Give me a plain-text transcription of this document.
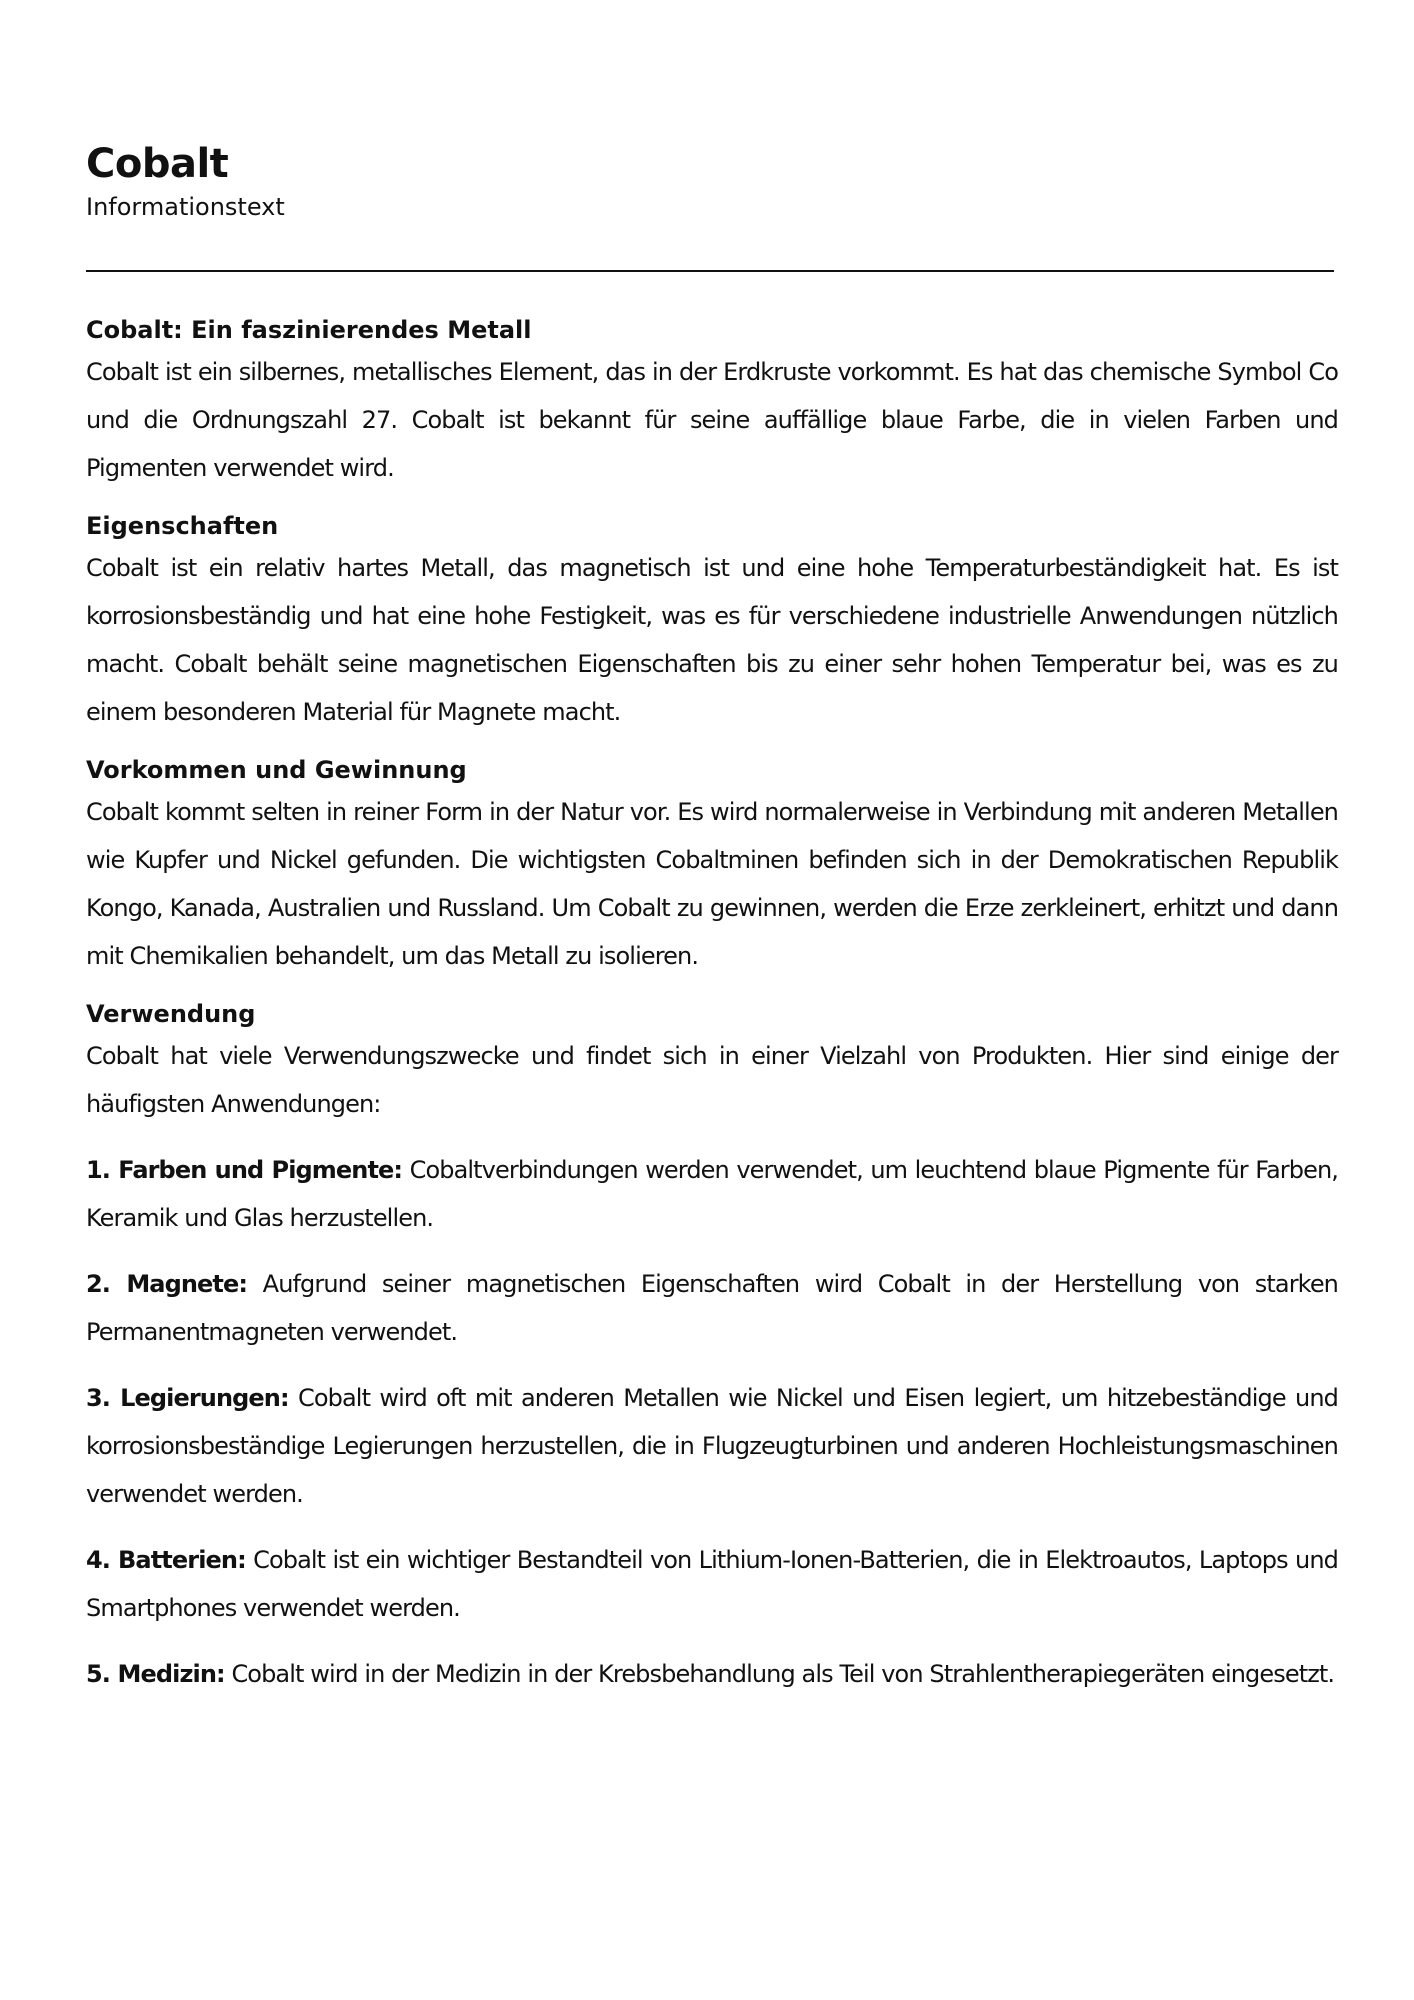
Cobalt
Informationstext
Cobalt: Ein faszinierendes Metall

Cobalt ist ein silbernes, metallisches Element, das in der Erdkruste vorkommt. Es hat das chemische Symbol Co und die Ordnungszahl 27. Cobalt ist bekannt für seine auffällige blaue Farbe, die in vielen Farben und Pigmenten verwendet wird.

Eigenschaften

Cobalt ist ein relativ hartes Metall, das magnetisch ist und eine hohe Temperaturbeständigkeit hat. Es ist korrosionsbeständig und hat eine hohe Festigkeit, was es für verschiedene industrielle Anwendungen nützlich macht. Cobalt behält seine magnetischen Eigenschaften bis zu einer sehr hohen Temperatur bei, was es zu einem besonderen Material für Magnete macht.

Vorkommen und Gewinnung

Cobalt kommt selten in reiner Form in der Natur vor. Es wird normalerweise in Verbindung mit anderen Metallen wie Kupfer und Nickel gefunden. Die wichtigsten Cobaltminen befinden sich in der Demokratischen Republik Kongo, Kanada, Australien und Russland. Um Cobalt zu gewinnen, werden die Erze zerkleinert, erhitzt und dann mit Chemikalien behandelt, um das Metall zu isolieren.

Verwendung

Cobalt hat viele Verwendungszwecke und findet sich in einer Vielzahl von Produkten. Hier sind einige der häufigsten Anwendungen:

1. Farben und Pigmente: Cobaltverbindungen werden verwendet, um leuchtend blaue Pigmente für Farben, Keramik und Glas herzustellen.
2. Magnete: Aufgrund seiner magnetischen Eigenschaften wird Cobalt in der Herstellung von starken Permanentmagneten verwendet.
3. Legierungen: Cobalt wird oft mit anderen Metallen wie Nickel und Eisen legiert, um hitzebeständige und korrosionsbeständige Legierungen herzustellen, die in Flugzeugturbinen und anderen Hochleistungsmaschinen verwendet werden.
4. Batterien: Cobalt ist ein wichtiger Bestandteil von Lithium-Ionen-Batterien, die in Elektroautos, Laptops und Smartphones verwendet werden.
5. Medizin: Cobalt wird in der Medizin in der Krebsbehandlung als Teil von Strahlentherapiegeräten eingesetzt.
